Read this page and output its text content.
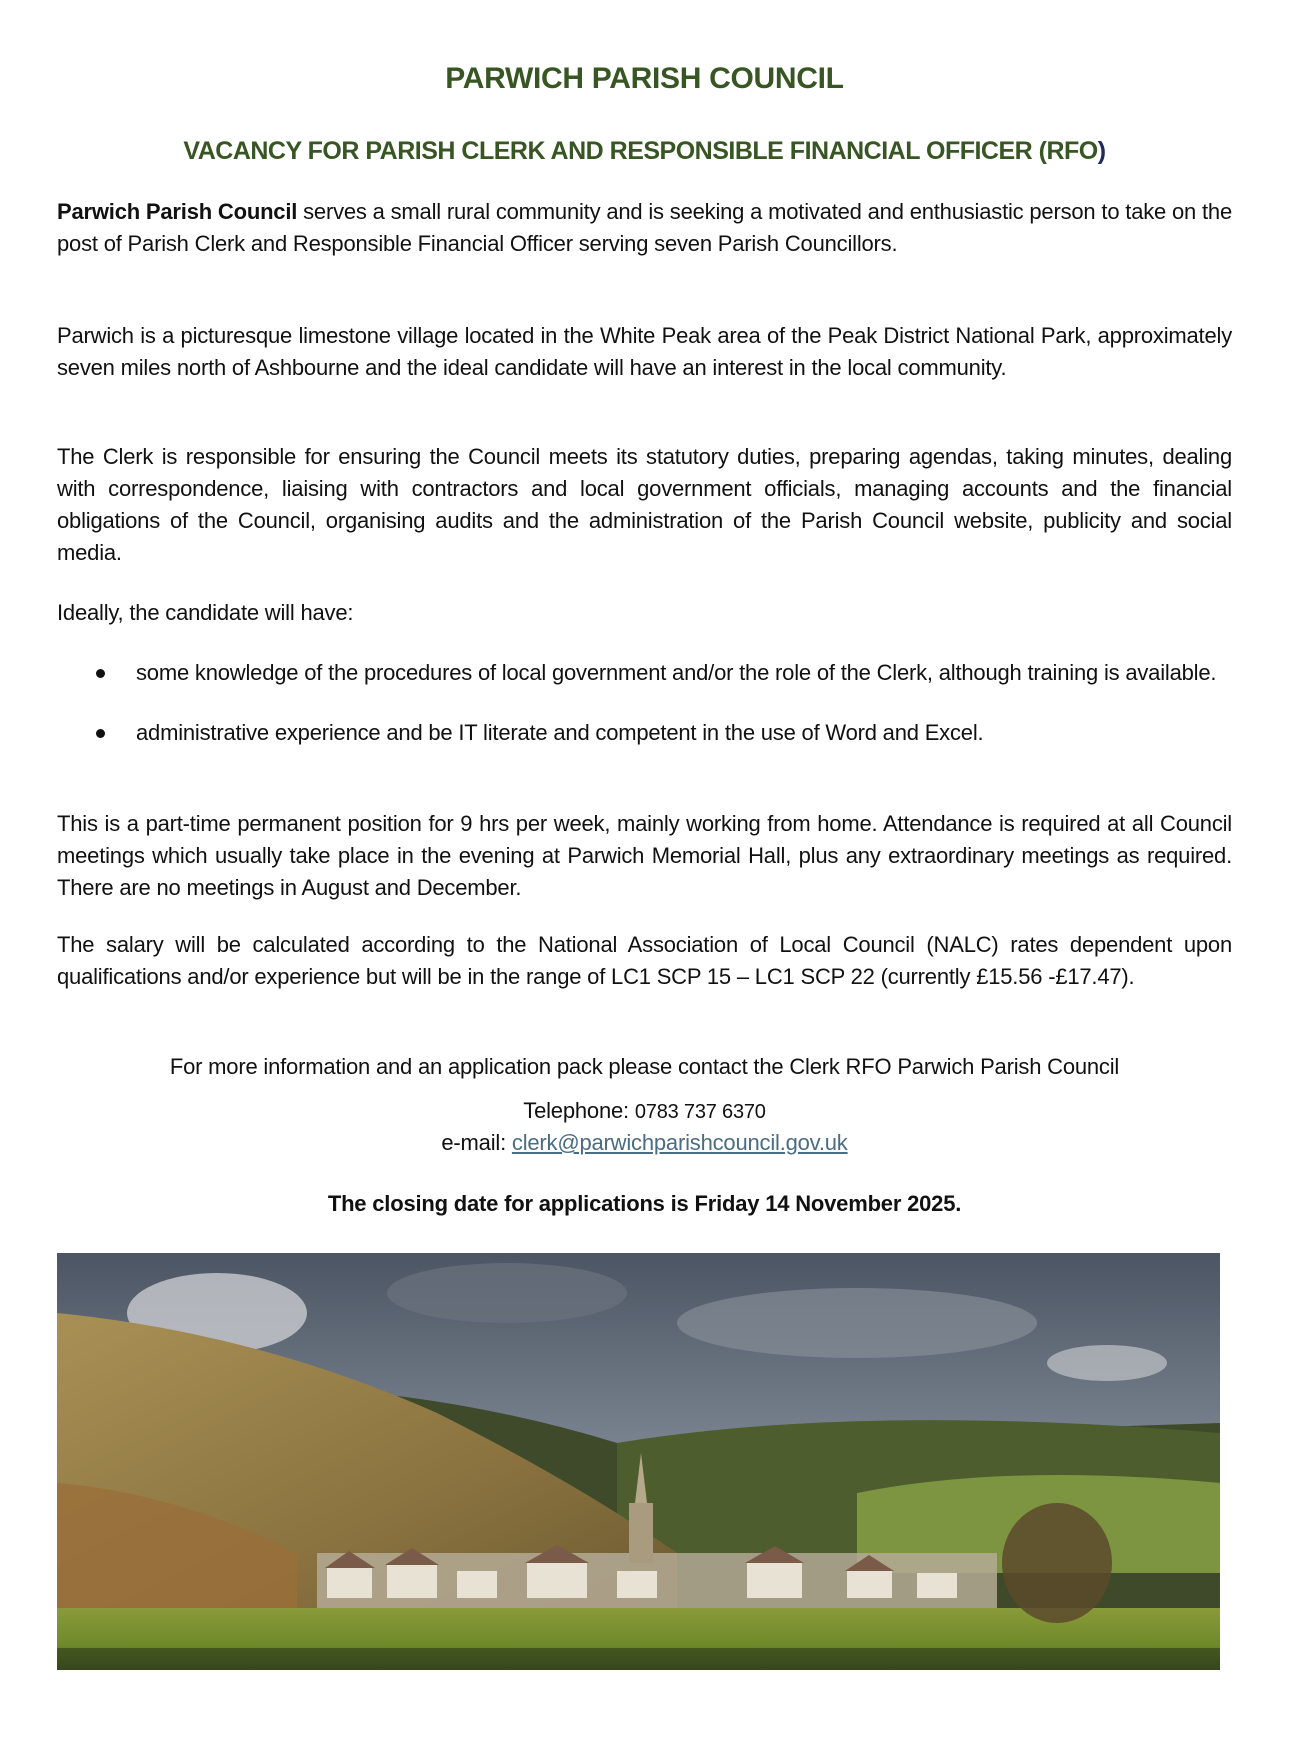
PARWICH PARISH COUNCIL
VACANCY FOR PARISH CLERK AND RESPONSIBLE FINANCIAL OFFICER (RFO)

Parwich Parish Council serves a small rural community and is seeking a motivated and enthusiastic person to take on the post of Parish Clerk and Responsible Financial Officer serving seven Parish Councillors.

Parwich is a picturesque limestone village located in the White Peak area of the Peak District National Park, approximately seven miles north of Ashbourne and the ideal candidate will have an interest in the local community.

The Clerk is responsible for ensuring the Council meets its statutory duties, preparing agendas, taking minutes, dealing with correspondence, liaising with contractors and local government officials, managing accounts and the financial obligations of the Council, organising audits and the administration of the Parish Council website, publicity and social media.

Ideally, the candidate will have:

some knowledge of the procedures of local government and/or the role of the Clerk, although training is available.
administrative experience and be IT literate and competent in the use of Word and Excel.

This is a part-time permanent position for 9 hrs per week, mainly working from home. Attendance is required at all Council meetings which usually take place in the evening at Parwich Memorial Hall, plus any extraordinary meetings as required. There are no meetings in August and December.

The salary will be calculated according to the National Association of Local Council (NALC) rates dependent upon qualifications and/or experience but will be in the range of LC1 SCP 15 – LC1 SCP 22 (currently £15.56 -£17.47).

For more information and an application pack please contact the Clerk RFO Parwich Parish Council

Telephone: 0783 737 6370

e-mail: clerk@parwichparishcouncil.gov.uk

The closing date for applications is Friday 14 November 2025.
